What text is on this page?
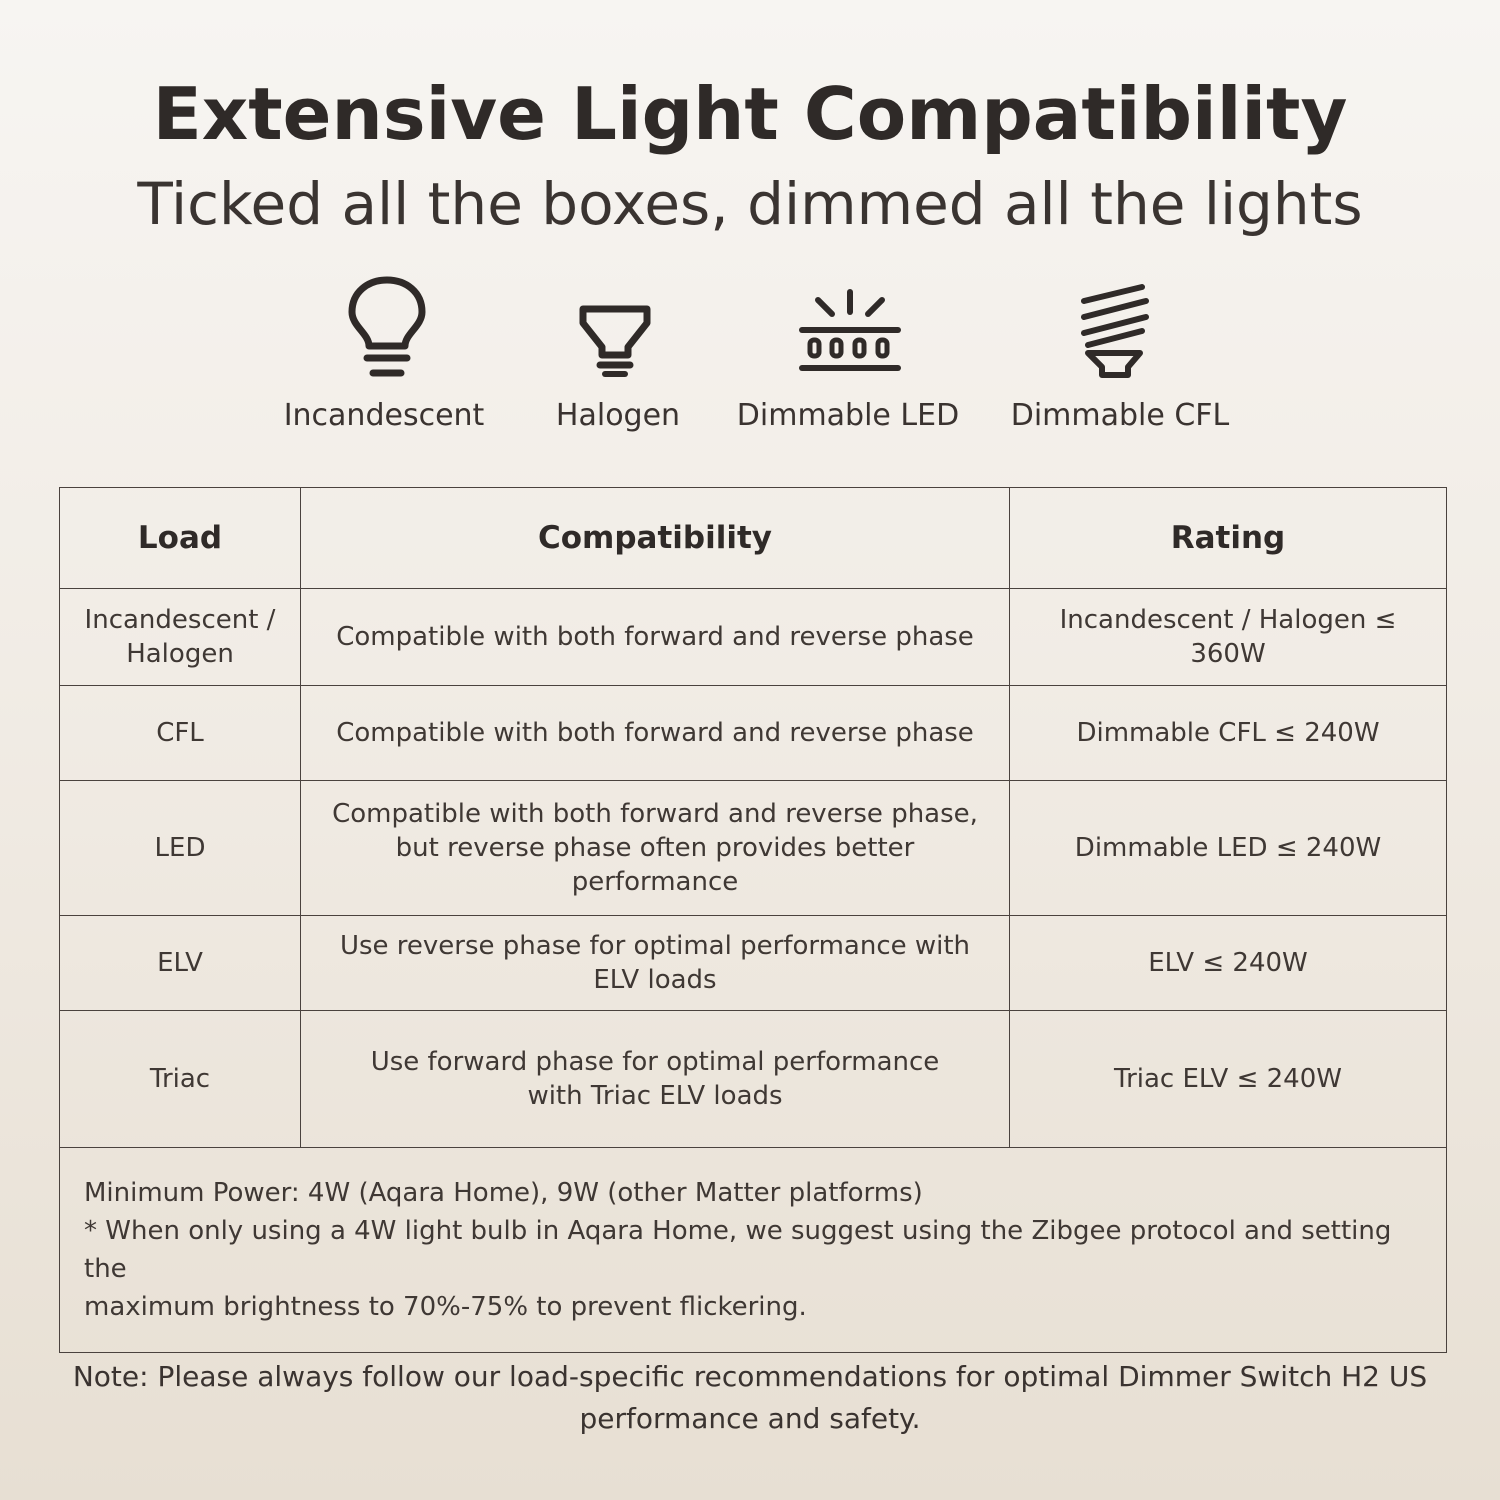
Extensive Light Compatibility
Ticked all the boxes, dimmed all the lights
Incandescent	Halogen	Dimmable LED	Dimmable CFL
Load	Compatibility	Rating

Incandescent /
Halogen	Compatible with both forward and reverse phase	Incandescent / Halogen ≤ 360W

CFL	Compatible with both forward and reverse phase	Dimmable CFL ≤ 240W

LED	Compatible with both forward and reverse phase,
but reverse phase often provides better performance	Dimmable LED ≤ 240W

ELV	Use reverse phase for optimal performance with
ELV loads	ELV ≤ 240W

Triac	Use forward phase for optimal performance
with Triac ELV loads	Triac ELV ≤ 240W

Minimum Power: 4W (Aqara Home), 9W (other Matter platforms)
* When only using a 4W light bulb in Aqara Home, we suggest using the Zibgee protocol and setting the
maximum brightness to 70%-75% to prevent flickering.		
Note: Please always follow our load-specific recommendations for optimal Dimmer Switch H2 US
performance and safety.
